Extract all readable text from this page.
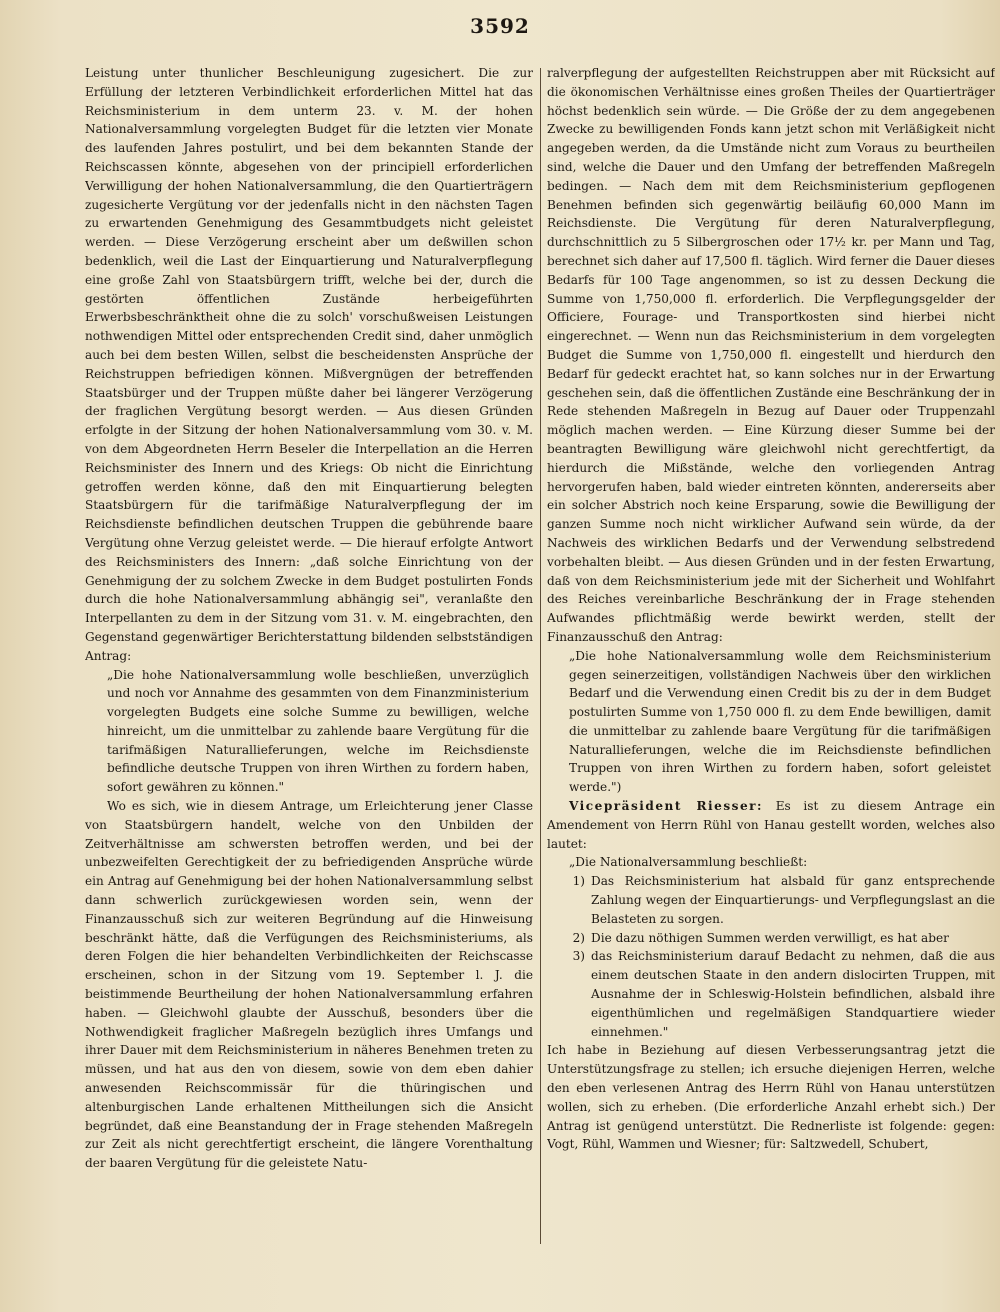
3592

Leistung unter thunlicher Beschleunigung zugesichert. Die zur Erfüllung der letzteren Verbindlichkeit erforderlichen Mittel hat das Reichsministerium in dem unterm 23. v. M. der hohen Nationalversammlung vorgelegten Budget für die letzten vier Monate des laufenden Jahres postulirt, und bei dem bekannten Stande der Reichscassen könnte, abgesehen von der principiell erforderlichen Verwilligung der hohen Nationalversammlung, die den Quartierträgern zugesicherte Vergütung vor der jedenfalls nicht in den nächsten Tagen zu erwartenden Genehmigung des Gesammtbudgets nicht geleistet werden. — Diese Verzögerung erscheint aber um deßwillen schon bedenklich, weil die Last der Einquartierung und Naturalverpflegung eine große Zahl von Staatsbürgern trifft, welche bei der, durch die gestörten öffentlichen Zustände herbeigeführten Erwerbsbeschränktheit ohne die zu solch' vorschußweisen Leistungen nothwendigen Mittel oder entsprechenden Credit sind, daher unmöglich auch bei dem besten Willen, selbst die bescheidensten Ansprüche der Reichstruppen befriedigen können. Mißvergnügen der betreffenden Staatsbürger und der Truppen müßte daher bei längerer Verzögerung der fraglichen Vergütung besorgt werden. — Aus diesen Gründen erfolgte in der Sitzung der hohen Nationalversammlung vom 30. v. M. von dem Abgeordneten Herrn Beseler die Interpellation an die Herren Reichsminister des Innern und des Kriegs: Ob nicht die Einrichtung getroffen werden könne, daß den mit Einquartierung belegten Staatsbürgern für die tarifmäßige Naturalverpflegung der im Reichsdienste befindlichen deutschen Truppen die gebührende baare Vergütung ohne Verzug geleistet werde. — Die hierauf erfolgte Antwort des Reichsministers des Innern: „daß solche Einrichtung von der Genehmigung der zu solchem Zwecke in dem Budget postulirten Fonds durch die hohe Nationalversammlung abhängig sei", veranlaßte den Interpellanten zu dem in der Sitzung vom 31. v. M. eingebrachten, den Gegenstand gegenwärtiger Berichterstattung bildenden selbstständigen Antrag:

„Die hohe Nationalversammlung wolle beschließen, unverzüglich und noch vor Annahme des gesammten von dem Finanzministerium vorgelegten Budgets eine solche Summe zu bewilligen, welche hinreicht, um die unmittelbar zu zahlende baare Vergütung für die tarifmäßigen Naturallieferungen, welche im Reichsdienste befindliche deutsche Truppen von ihren Wirthen zu fordern haben, sofort gewähren zu können."

Wo es sich, wie in diesem Antrage, um Erleichterung jener Classe von Staatsbürgern handelt, welche von den Unbilden der Zeitverhältnisse am schwersten betroffen werden, und bei der unbezweifelten Gerechtigkeit der zu befriedigenden Ansprüche würde ein Antrag auf Genehmigung bei der hohen Nationalversammlung selbst dann schwerlich zurückgewiesen worden sein, wenn der Finanzausschuß sich zur weiteren Begründung auf die Hinweisung beschränkt hätte, daß die Verfügungen des Reichsministeriums, als deren Folgen die hier behandelten Verbindlichkeiten der Reichscasse erscheinen, schon in der Sitzung vom 19. September l. J. die beistimmende Beurtheilung der hohen Nationalversammlung erfahren haben. — Gleichwohl glaubte der Ausschuß, besonders über die Nothwendigkeit fraglicher Maßregeln bezüglich ihres Umfangs und ihrer Dauer mit dem Reichsministerium in näheres Benehmen treten zu müssen, und hat aus den von diesem, sowie von dem eben dahier anwesenden Reichscommissär für die thüringischen und altenburgischen Lande erhaltenen Mittheilungen sich die Ansicht begründet, daß eine Beanstandung der in Frage stehenden Maßregeln zur Zeit als nicht gerechtfertigt erscheint, die längere Vorenthaltung der baaren Vergütung für die geleistete Natu-

ralverpflegung der aufgestellten Reichstruppen aber mit Rücksicht auf die ökonomischen Verhältnisse eines großen Theiles der Quartierträger höchst bedenklich sein würde. — Die Größe der zu dem angegebenen Zwecke zu bewilligenden Fonds kann jetzt schon mit Verläßigkeit nicht angegeben werden, da die Umstände nicht zum Voraus zu beurtheilen sind, welche die Dauer und den Umfang der betreffenden Maßregeln bedingen. — Nach dem mit dem Reichsministerium gepflogenen Benehmen befinden sich gegenwärtig beiläufig 60,000 Mann im Reichsdienste. Die Vergütung für deren Naturalverpflegung, durchschnittlich zu 5 Silbergroschen oder 17½ kr. per Mann und Tag, berechnet sich daher auf 17,500 fl. täglich. Wird ferner die Dauer dieses Bedarfs für 100 Tage angenommen, so ist zu dessen Deckung die Summe von 1,750,000 fl. erforderlich. Die Verpflegungsgelder der Officiere, Fourage- und Transportkosten sind hierbei nicht eingerechnet. — Wenn nun das Reichsministerium in dem vorgelegten Budget die Summe von 1,750,000 fl. eingestellt und hierdurch den Bedarf für gedeckt erachtet hat, so kann solches nur in der Erwartung geschehen sein, daß die öffentlichen Zustände eine Beschränkung der in Rede stehenden Maßregeln in Bezug auf Dauer oder Truppenzahl möglich machen werden. — Eine Kürzung dieser Summe bei der beantragten Bewilligung wäre gleichwohl nicht gerechtfertigt, da hierdurch die Mißstände, welche den vorliegenden Antrag hervorgerufen haben, bald wieder eintreten könnten, andererseits aber ein solcher Abstrich noch keine Ersparung, sowie die Bewilligung der ganzen Summe noch nicht wirklicher Aufwand sein würde, da der Nachweis des wirklichen Bedarfs und der Verwendung selbstredend vorbehalten bleibt. — Aus diesen Gründen und in der festen Erwartung, daß von dem Reichsministerium jede mit der Sicherheit und Wohlfahrt des Reiches vereinbarliche Beschränkung der in Frage stehenden Aufwandes pflichtmäßig werde bewirkt werden, stellt der Finanzausschuß den Antrag:

„Die hohe Nationalversammlung wolle dem Reichsministerium gegen seinerzeitigen, vollständigen Nachweis über den wirklichen Bedarf und die Verwendung einen Credit bis zu der in dem Budget postulirten Summe von 1,750 000 fl. zu dem Ende bewilligen, damit die unmittelbar zu zahlende baare Vergütung für die tarifmäßigen Naturallieferungen, welche die im Reichsdienste befindlichen Truppen von ihren Wirthen zu fordern haben, sofort geleistet werde.")

Vicepräsident Riesser: Es ist zu diesem Antrage ein Amendement von Herrn Rühl von Hanau gestellt worden, welches also lautet:

„Die Nationalversammlung beschließt:

1) Das Reichsministerium hat alsbald für ganz entsprechende Zahlung wegen der Einquartierungs- und Verpflegungslast an die Belasteten zu sorgen.
2) Die dazu nöthigen Summen werden verwilligt, es hat aber
3) das Reichsministerium darauf Bedacht zu nehmen, daß die aus einem deutschen Staate in den andern dislocirten Truppen, mit Ausnahme der in Schleswig-Holstein befindlichen, alsbald ihre eigenthümlichen und regelmäßigen Standquartiere wieder einnehmen."

Ich habe in Beziehung auf diesen Verbesserungsantrag jetzt die Unterstützungsfrage zu stellen; ich ersuche diejenigen Herren, welche den eben verlesenen Antrag des Herrn Rühl von Hanau unterstützen wollen, sich zu erheben. (Die erforderliche Anzahl erhebt sich.) Der Antrag ist genügend unterstützt. Die Rednerliste ist folgende: gegen: Vogt, Rühl, Wammen und Wiesner; für: Saltzwedell, Schubert,
